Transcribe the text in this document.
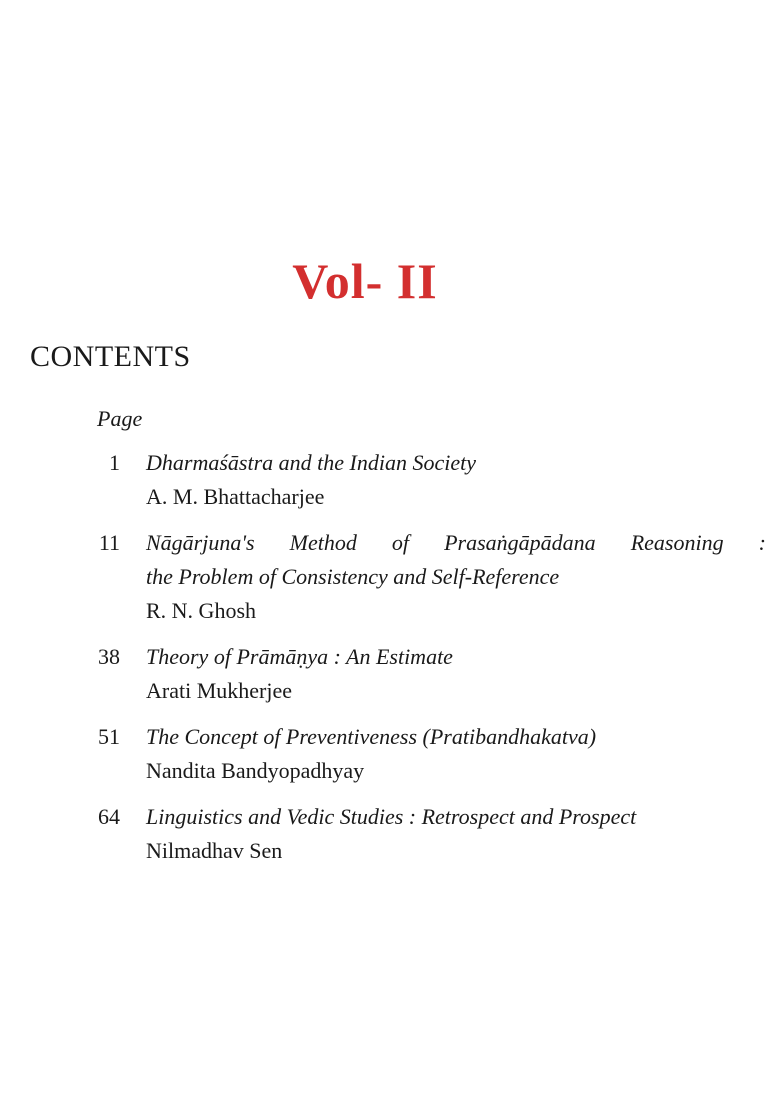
Vol- II
CONTENTS
Page
1 Dharmaśāstra and the Indian Society
A. M. Bhattacharjee
11 Nāgārjuna's Method of Prasaṅgāpādana Reasoning :
the Problem of Consistency and Self-Reference
R. N. Ghosh
38 Theory of Prāmāṇya : An Estimate
Arati Mukherjee
51 The Concept of Preventiveness (Pratibandhakatva)
Nandita Bandyopadhyay
64 Linguistics and Vedic Studies : Retrospect and Prospect
Nilmadhav Sen
